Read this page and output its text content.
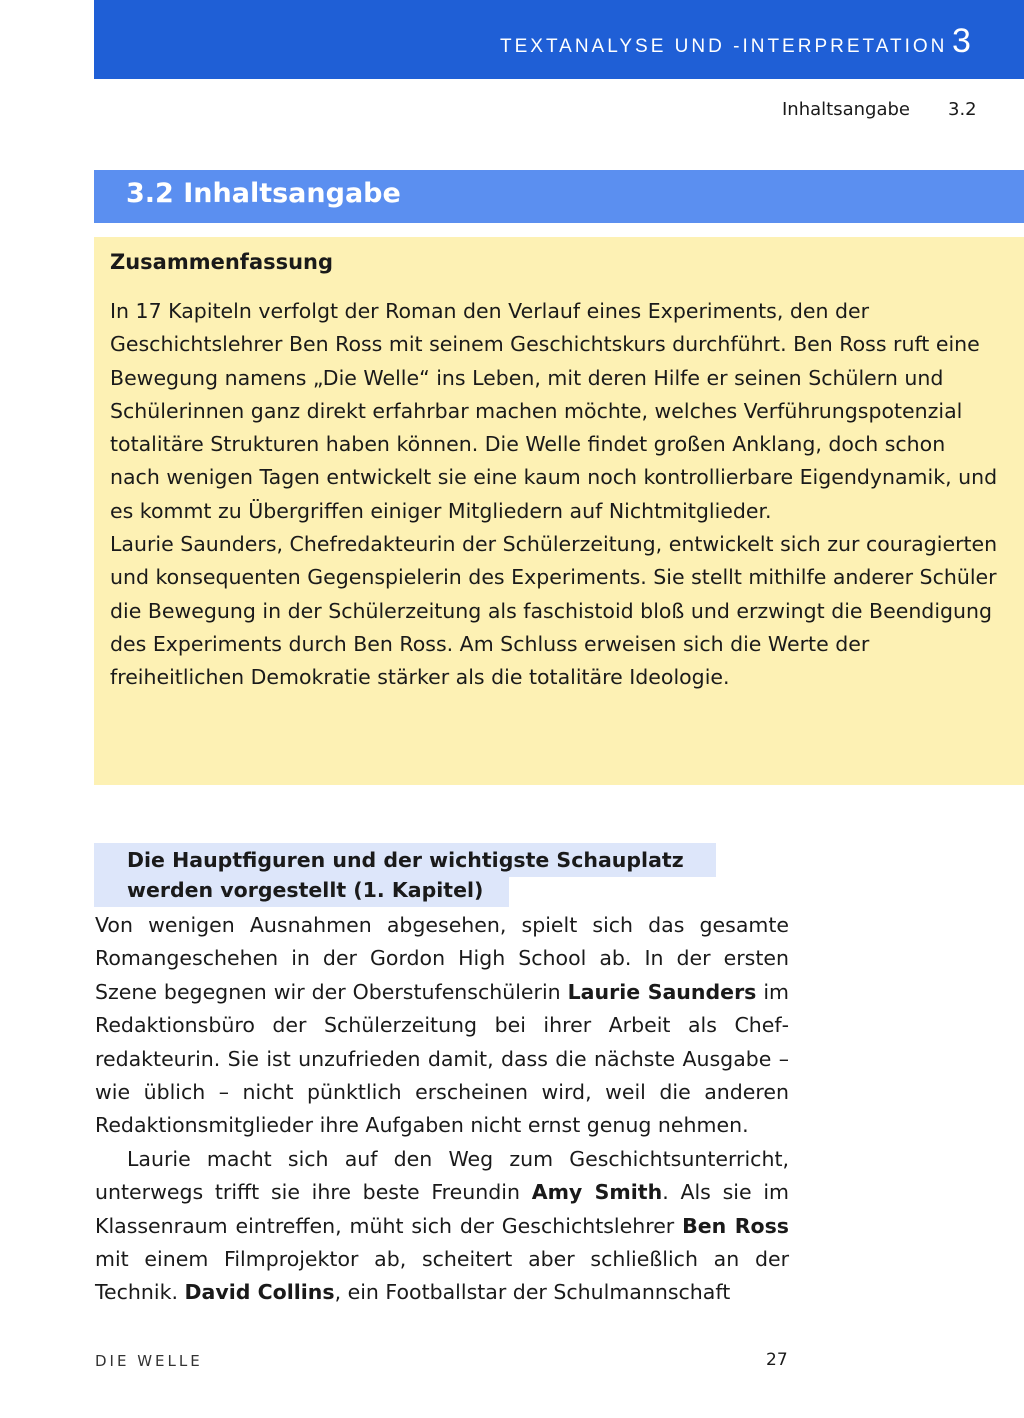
TEXTANALYSE UND -INTERPRETATION 3
Inhaltsangabe 3.2
3.2 Inhaltsangabe
Zusammenfassung

In 17 Kapiteln verfolgt der Roman den Verlauf eines Experiments, den der Geschichtslehrer Ben Ross mit seinem Geschichtskurs durchführt. Ben Ross ruft eine Bewegung namens „Die Welle“ ins Leben, mit deren Hilfe er seinen Schülern und Schülerinnen ganz direkt erfahrbar machen möchte, welches Verführungspotenzial totalitäre Strukturen haben können. Die Welle findet großen Anklang, doch schon nach wenigen Tagen entwickelt sie eine kaum noch kontrollierbare Eigendynamik, und es kommt zu Übergriffen einiger Mitgliedern auf Nichtmitglieder.

Laurie Saunders, Chefredakteurin der Schülerzeitung, entwickelt sich zur couragierten und konsequenten Gegenspielerin des Experiments. Sie stellt mithilfe anderer Schüler die Bewegung in der Schülerzeitung als faschistoid bloß und erzwingt die Beendigung des Experiments durch Ben Ross. Am Schluss erweisen sich die Werte der freiheitlichen Demokratie stärker als die totalitäre Ideologie.

Die Hauptfiguren und der wichtigste Schauplatz
werden vorgestellt (1. Kapitel)

Von wenigen Ausnahmen abgesehen, spielt sich das gesamte Romangeschehen in der Gordon High School ab. In der ersten Szene begegnen wir der Oberstufenschülerin Laurie Saunders im Redaktionsbüro der Schülerzeitung bei ihrer Arbeit als Chefredakteurin. Sie ist unzufrieden damit, dass die nächste Ausgabe – wie üblich – nicht pünktlich erscheinen wird, weil die anderen Redaktionsmitglieder ihre Aufgaben nicht ernst genug nehmen.

Laurie macht sich auf den Weg zum Geschichtsunterricht, unterwegs trifft sie ihre beste Freundin Amy Smith. Als sie im Klassenraum eintreffen, müht sich der Geschichtslehrer Ben Ross mit einem Filmprojektor ab, scheitert aber schließlich an der Technik. David Collins, ein Footballstar der Schulmannschaft

DIE WELLE	27
